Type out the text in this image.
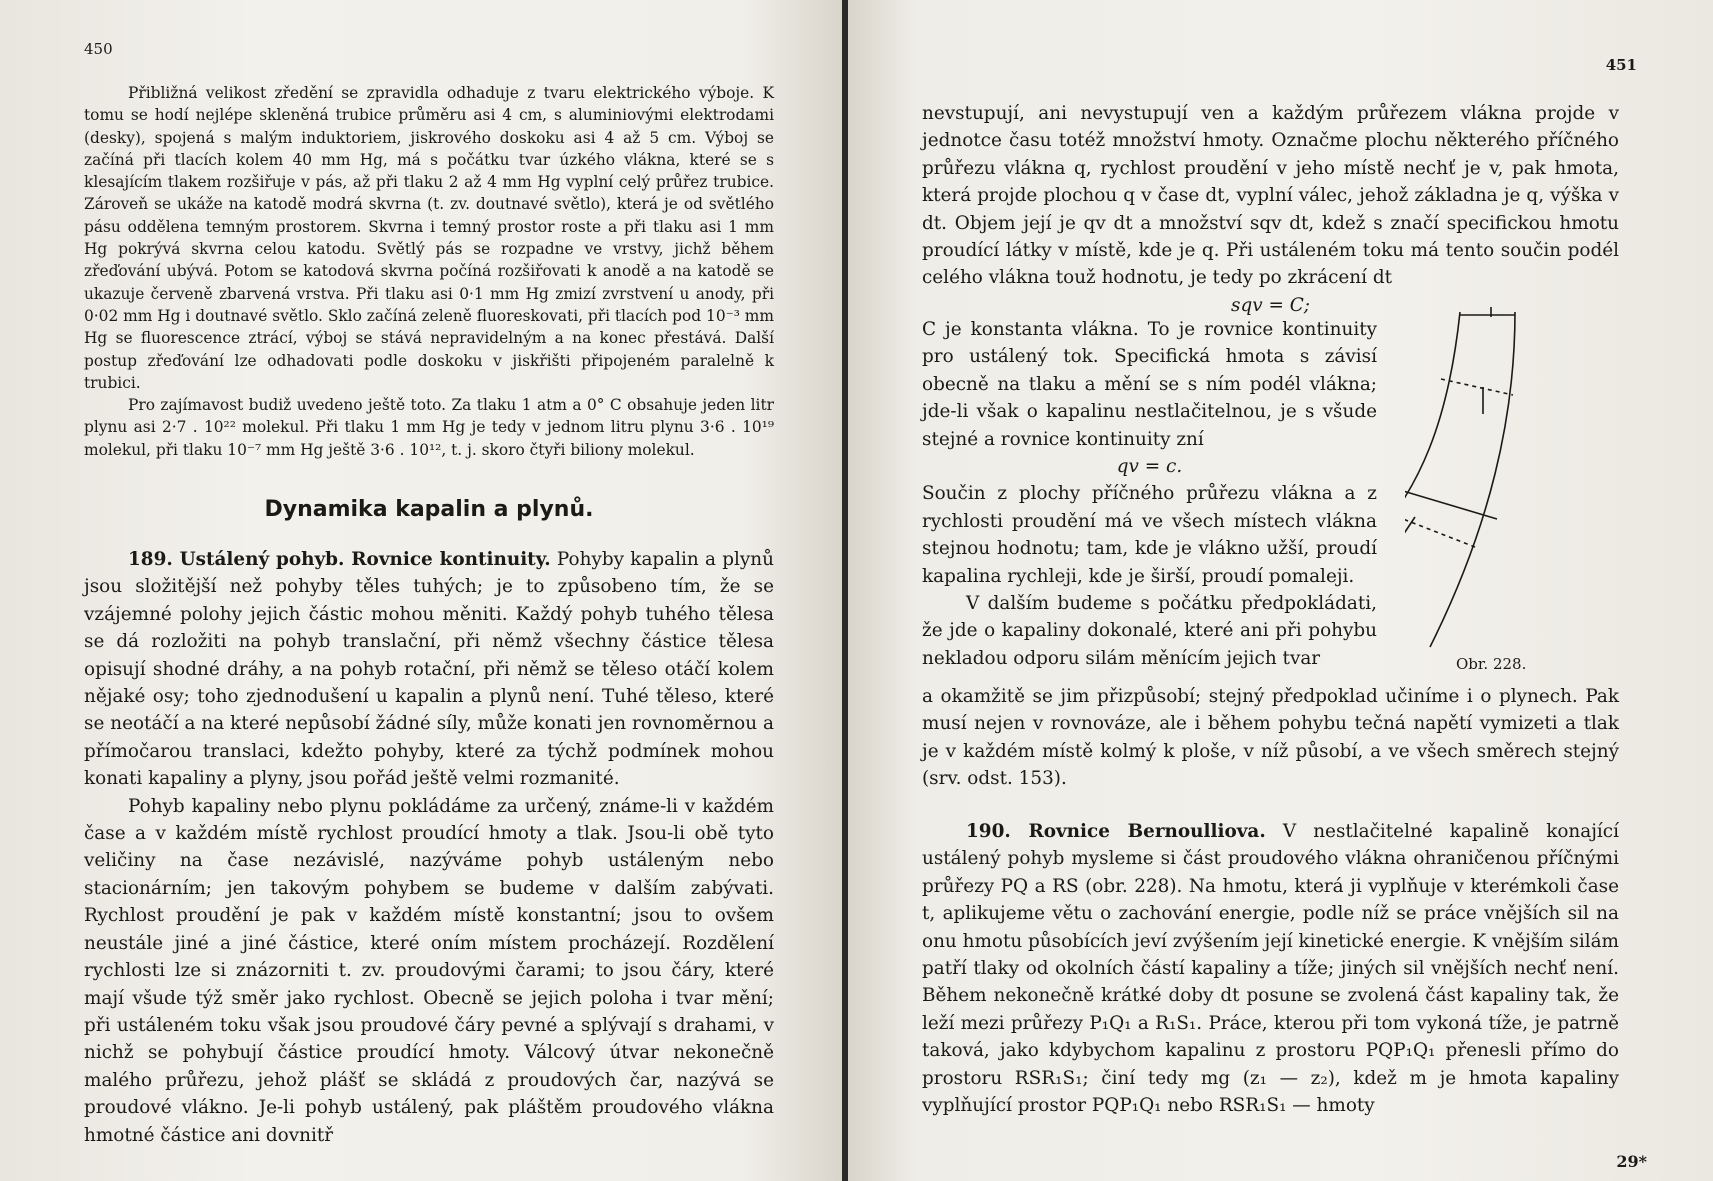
450

Přibližná velikost zředění se zpravidla odhaduje z tvaru elektrického výboje. K tomu se hodí nejlépe skleněná trubice průměru asi 4 cm, s aluminiovými elektrodami (desky), spojená s malým induktoriem, jiskrového doskoku asi 4 až 5 cm. Výboj se začíná při tlacích kolem 40 mm Hg, má s počátku tvar úzkého vlákna, které se s klesajícím tlakem rozšiřuje v pás, až při tlaku 2 až 4 mm Hg vyplní celý průřez trubice. Zároveň se ukáže na katodě modrá skvrna (t. zv. doutnavé světlo), která je od světlého pásu oddělena temným prostorem. Skvrna i temný prostor roste a při tlaku asi 1 mm Hg pokrývá skvrna celou katodu. Světlý pás se rozpadne ve vrstvy, jichž během zřeďování ubývá. Potom se katodová skvrna počíná rozšiřovati k anodě a na katodě se ukazuje červeně zbarvená vrstva. Při tlaku asi 0·1 mm Hg zmizí zvrstvení u anody, při 0·02 mm Hg i doutnavé světlo. Sklo začíná zeleně fluoreskovati, při tlacích pod 10⁻³ mm Hg se fluorescence ztrácí, výboj se stává nepravidelným a na konec přestává. Další postup zřeďování lze odhadovati podle doskoku v jiskřišti připojeném paralelně k trubici.

Pro zajímavost budiž uvedeno ještě toto. Za tlaku 1 atm a 0° C obsahuje jeden litr plynu asi 2·7 . 10²² molekul. Při tlaku 1 mm Hg je tedy v jednom litru plynu 3·6 . 10¹⁹ molekul, při tlaku 10⁻⁷ mm Hg ještě 3·6 . 10¹², t. j. skoro čtyři biliony molekul.

Dynamika kapalin a plynů.

189. Ustálený pohyb. Rovnice kontinuity. Pohyby kapalin a plynů jsou složitější než pohyby těles tuhých; je to způsobeno tím, že se vzájemné polohy jejich částic mohou měniti. Každý pohyb tuhého tělesa se dá rozložiti na pohyb translační, při němž všechny částice tělesa opisují shodné dráhy, a na pohyb rotační, při němž se těleso otáčí kolem nějaké osy; toho zjednodušení u kapalin a plynů není. Tuhé těleso, které se neotáčí a na které nepůsobí žádné síly, může konati jen rovnoměrnou a přímočarou translaci, kdežto pohyby, které za týchž podmínek mohou konati kapaliny a plyny, jsou pořád ještě velmi rozmanité.

Pohyb kapaliny nebo plynu pokládáme za určený, známe-li v každém čase a v každém místě rychlost proudící hmoty a tlak. Jsou-li obě tyto veličiny na čase nezávislé, nazýváme pohyb ustáleným nebo stacionárním; jen takovým pohybem se budeme v dalším zabývati. Rychlost proudění je pak v každém místě konstantní; jsou to ovšem neustále jiné a jiné částice, které oním místem procházejí. Rozdělení rychlosti lze si znázorniti t. zv. proudovými čarami; to jsou čáry, které mají všude týž směr jako rychlost. Obecně se jejich poloha i tvar mění; při ustáleném toku však jsou proudové čáry pevné a splývají s drahami, v nichž se pohybují částice proudící hmoty. Válcový útvar nekonečně malého průřezu, jehož plášť se skládá z proudových čar, nazývá se proudové vlákno. Je-li pohyb ustálený, pak pláštěm proudového vlákna hmotné částice ani dovnitř

451
29*

nevstupují, ani nevystupují ven a každým průřezem vlákna projde v jednotce času totéž množství hmoty. Označme plochu některého příčného průřezu vlákna q, rychlost proudění v jeho místě nechť je v, pak hmota, která projde plochou q v čase dt, vyplní válec, jehož základna je q, výška v dt. Objem její je qv dt a množství sqv dt, kdež s značí specifickou hmotu proudící látky v místě, kde je q. Při ustáleném toku má tento součin podél celého vlákna touž hodnotu, je tedy po zkrácení dt

sqv = C;

C je konstanta vlákna. To je rovnice kontinuity pro ustálený tok. Specifická hmota s závisí obecně na tlaku a mění se s ním podél vlákna; jde-li však o kapalinu nestlačitelnou, je s všude stejné a rovnice kontinuity zní

qv = c.

Součin z plochy příčného průřezu vlákna a z rychlosti proudění má ve všech místech vlákna stejnou hodnotu; tam, kde je vlákno užší, proudí kapalina rychleji, kde je širší, proudí pomaleji.

V dalším budeme s počátku předpokládati, že jde o kapaliny dokonalé, které ani při pohybu nekladou odporu silám měnícím jejich tvar

a okamžitě se jim přizpůsobí; stejný předpoklad učiníme i o plynech. Pak musí nejen v rovnováze, ale i během pohybu tečná napětí vymizeti a tlak je v každém místě kolmý k ploše, v níž působí, a ve všech směrech stejný (srv. odst. 153).

190. Rovnice Bernoulliova. V nestlačitelné kapalině konající ustálený pohyb mysleme si část proudového vlákna ohraničenou příčnými průřezy PQ a RS (obr. 228). Na hmotu, která ji vyplňuje v kterémkoli čase t, aplikujeme větu o zachování energie, podle níž se práce vnějších sil na onu hmotu působících jeví zvýšením její kinetické energie. K vnějším silám patří tlaky od okolních částí kapaliny a tíže; jiných sil vnějších nechť není. Během nekonečně krátké doby dt posune se zvolená část kapaliny tak, že leží mezi průřezy P₁Q₁ a R₁S₁. Práce, kterou při tom vykoná tíže, je patrně taková, jako kdybychom kapalinu z prostoru PQP₁Q₁ přenesli přímo do prostoru RSR₁S₁; činí tedy mg (z₁ — z₂), kdež m je hmota kapaliny vyplňující prostor PQP₁Q₁ nebo RSR₁S₁ — hmoty

Obr. 228.
